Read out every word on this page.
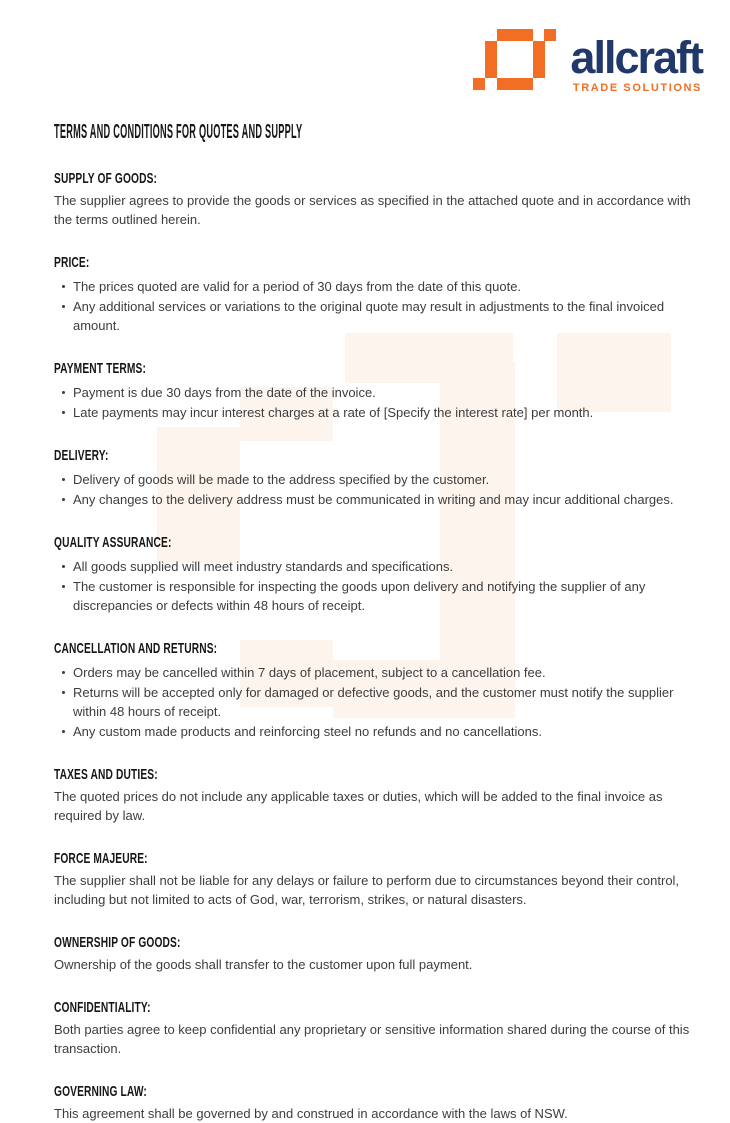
allcraft
TRADE SOLUTIONS
TERMS AND CONDITIONS FOR QUOTES AND SUPPLY
SUPPLY OF GOODS:

The supplier agrees to provide the goods or services as specified in the attached quote and in accordance with the terms outlined herein.

PRICE:
The prices quoted are valid for a period of 30 days from the date of this quote.
Any additional services or variations to the original quote may result in adjustments to the final invoiced amount.
PAYMENT TERMS:
Payment is due 30 days from the date of the invoice.
Late payments may incur interest charges at a rate of [Specify the interest rate] per month.
DELIVERY:
Delivery of goods will be made to the address specified by the customer.
Any changes to the delivery address must be communicated in writing and may incur additional charges.
QUALITY ASSURANCE:
All goods supplied will meet industry standards and specifications.
The customer is responsible for inspecting the goods upon delivery and notifying the supplier of any discrepancies or defects within 48 hours of receipt.
CANCELLATION AND RETURNS:
Orders may be cancelled within 7 days of placement, subject to a cancellation fee.
Returns will be accepted only for damaged or defective goods, and the customer must notify the supplier within 48 hours of receipt.
Any custom made products and reinforcing steel no refunds and no cancellations.
TAXES AND DUTIES:

The quoted prices do not include any applicable taxes or duties, which will be added to the final invoice as required by law.

FORCE MAJEURE:

The supplier shall not be liable for any delays or failure to perform due to circumstances beyond their control, including but not limited to acts of God, war, terrorism, strikes, or natural disasters.

OWNERSHIP OF GOODS:

Ownership of the goods shall transfer to the customer upon full payment.

CONFIDENTIALITY:

Both parties agree to keep confidential any proprietary or sensitive information shared during the course of this transaction.

GOVERNING LAW:

This agreement shall be governed by and construed in accordance with the laws of NSW.
